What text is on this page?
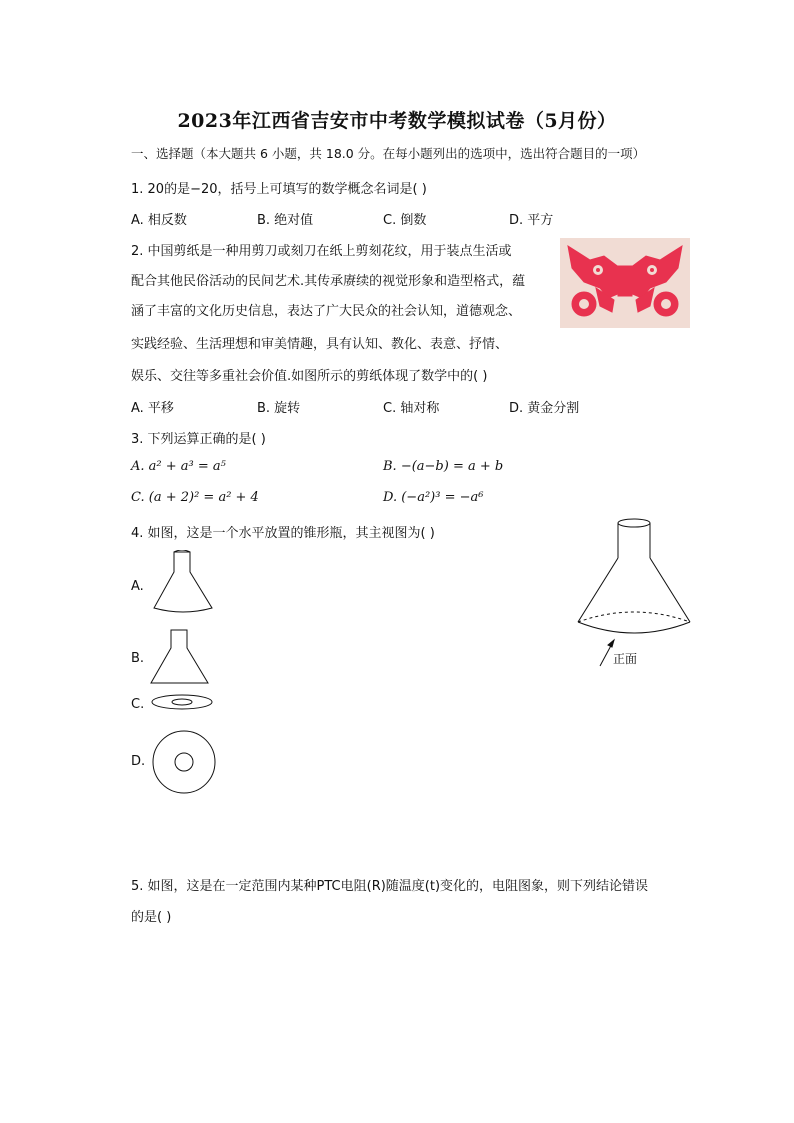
2023年江西省吉安市中考数学模拟试卷（5月份）
一、选择题（本大题共 6 小题，共 18.0 分。在每小题列出的选项中，选出符合题目的一项）
1. 20的是−20，括号上可填写的数学概念名词是( )
A. 相反数	B. 绝对值	C. 倒数	D. 平方
2. 中国剪纸是一种用剪刀或刻刀在纸上剪刻花纹，用于装点生活或
配合其他民俗活动的民间艺术.其传承赓续的视觉形象和造型格式，蕴
涵了丰富的文化历史信息，表达了广大民众的社会认知，道德观念、
实践经验、生活理想和审美情趣，具有认知、教化、表意、抒情、
娱乐、交往等多重社会价值.如图所示的剪纸体现了数学中的( )
A. 平移	B. 旋转	C. 轴对称	D. 黄金分割
3. 下列运算正确的是( )
A. a² + a³ = a⁵	B. −(a−b) = a + b
C. (a + 2)² = a² + 4	D. (−a²)³ = −a⁶
4. 如图，这是一个水平放置的锥形瓶，其主视图为( )
A.
B.
C.
D.
正面
5. 如图，这是在一定范围内某种PTC电阻(R)随温度(t)变化的，电阻图象，则下列结论错误
的是( )
